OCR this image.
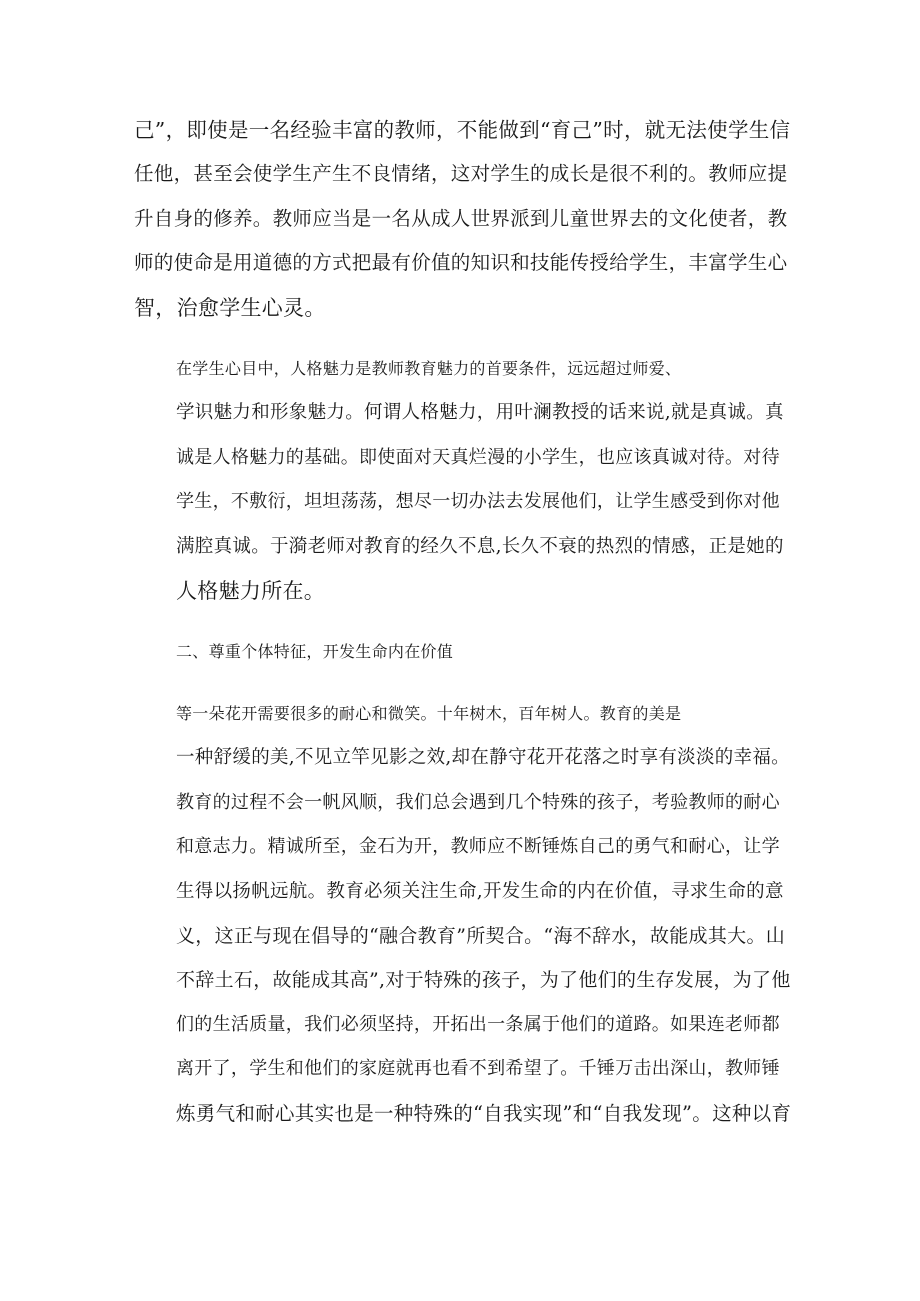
己”，即使是一名经验丰富的教师，不能做到“育己”时，就无法使学生信
任他，甚至会使学生产生不良情绪，这对学生的成长是很不利的。教师应提
升自身的修养。教师应当是一名从成人世界派到儿童世界去的文化使者，教
师的使命是用道德的方式把最有价值的知识和技能传授给学生，丰富学生心
智，治愈学生心灵。

在学生心目中，人格魅力是教师教育魅力的首要条件，远远超过师爱、
学识魅力和形象魅力。何谓人格魅力，用叶澜教授的话来说,就是真诚。真
诚是人格魅力的基础。即使面对天真烂漫的小学生，也应该真诚对待。对待
学生，不敷衍，坦坦荡荡，想尽一切办法去发展他们，让学生感受到你对他
满腔真诚。于漪老师对教育的经久不息,长久不衰的热烈的情感，正是她的
人格魅力所在。

二、尊重个体特征，开发生命内在价值

等一朵花开需要很多的耐心和微笑。十年树木，百年树人。教育的美是
一种舒缓的美,不见立竿见影之效,却在静守花开花落之时享有淡淡的幸福。
教育的过程不会一帆风顺，我们总会遇到几个特殊的孩子，考验教师的耐心
和意志力。精诚所至，金石为开，教师应不断锤炼自己的勇气和耐心，让学
生得以扬帆远航。教育必须关注生命,开发生命的内在价值，寻求生命的意
义，这正与现在倡导的“融合教育”所契合。“海不辞水，故能成其大。山
不辞土石，故能成其高”,对于特殊的孩子，为了他们的生存发展，为了他
们的生活质量，我们必须坚持，开拓出一条属于他们的道路。如果连老师都
离开了，学生和他们的家庭就再也看不到希望了。千锤万击出深山，教师锤
炼勇气和耐心其实也是一种特殊的“自我实现”和“自我发现”。这种以育
